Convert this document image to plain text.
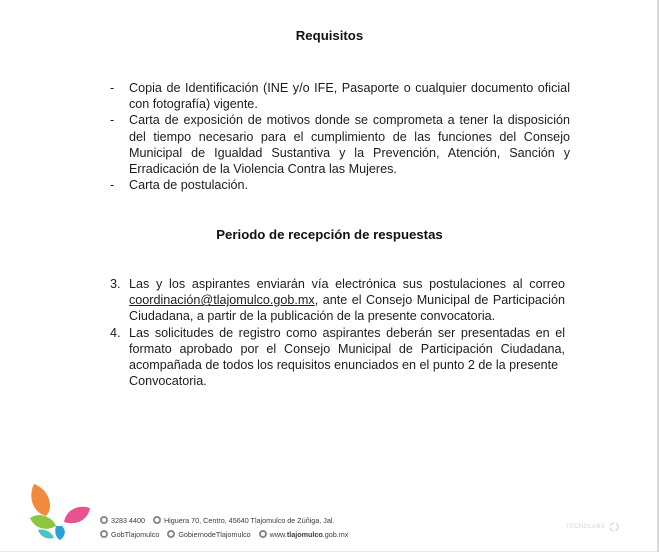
Requisitos
- Copia de Identificación (INE y/o IFE, Pasaporte o cualquier documento oficial con fotografía) vigente.
- Carta de exposición de motivos donde se comprometa a tener la disposición del tiempo necesario para el cumplimiento de las funciones del Consejo Municipal de Igualdad Sustantiva y la Prevención, Atención, Sanción y Erradicación de la Violencia Contra las Mujeres.
- Carta de postulación.
Periodo de recepción de respuestas
3. Las y los aspirantes enviarán vía electrónica sus postulaciones al correo coordinación@tlajomulco.gob.mx, ante el Consejo Municipal de Participación Ciudadana, a partir de la publicación de la presente convocatoria.
4. Las solicitudes de registro como aspirantes deberán ser presentadas en el formato aprobado por el Consejo Municipal de Participación Ciudadana, acompañada de todos los requisitos enunciados en el punto 2 de la presente
Convocatoria.
3283 4400	Higuera 70, Centro, 45640 Tlajomulco de Zúñiga, Jal.
GobTlajomulco	GobiernodeTlajomulco	www.tlajomulco.gob.mx
TECNOLABS
